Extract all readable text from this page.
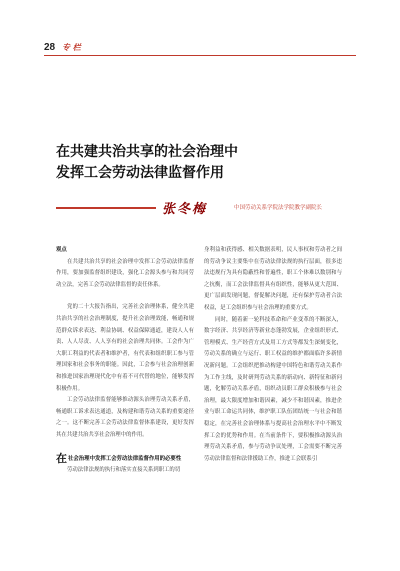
28 专 栏
在共建共治共享的社会治理中
发挥工会劳动法律监督作用
张冬梅	中国劳动关系学院法学院教学副院长

观点

在共建共治共享的社会治理中发挥工会劳动法律监督作用，要加强监督组织建设，强化工会源头参与和共同劳动立法，完善工会劳动法律监督的责任体系。

党的二十大报告指出，完善社会治理体系，健全共建共治共享的社会治理制度，提升社会治理效能，畅通和规范群众诉求表达、利益协调、权益保障通道，建设人人有责、人人尽责、人人享有的社会治理共同体。工会作为广大职工利益的代表者和维护者，有代表和组织职工参与管理国家和社会事务的职能。因此，工会参与社会治理创新和推进国家治理现代化中有着不可代替的地位，能够发挥积极作用。

工会劳动法律监督能够推动源头治理劳动关系矛盾，畅通职工诉求表达通道，及构建和谐劳动关系的重要途径之一。这不断完善工会劳动法律监督体系建设，更好发挥其在共建共治共享社会治理中的作用。

在社会治理中发挥工会劳动法律监督作用的必要性

劳动法律法规的执行和落实直接关系到职工的切

身利益和获得感、相关数据表明，民人事权和劳动者之间的劳动争议主要集中在劳动法律法规的执行层面，很多违法违规行为具有隐蔽性和普遍性，职工个体难以数别和与之抗衡，而工会法律监督具有组织性，能够从更大范围、更广层面发现问题，督促解决问题，还有保护劳动者合法权益，是工会组织参与社会治理的重要方式。

同时，随着新一轮科技革命和产业变革的不断深入，数字经济、共享经济等新业态蓬勃发展，企业组织形式、管理模式、生产经营方式及用工方式等都发生深刻变化，劳动关系的确立与运行、职工权益的维护都面临许多新情况新问题。工会组织把推动构建中国特色和谐劳动关系作为工作主线，及时研判劳动关系的新动向、新特征和新问题，化解劳动关系矛盾，组织动员职工群众积极参与社会治理，最大限度增加和谐因素，减少不和谐因素，推进企业与职工命运共同体，维护职工队伍团结统一与社会和谐稳定，在完善社会治理体系与提高社会治理水平中不断发挥工会的优势和作用。在当前条件下，要积极推动源头治理劳动关系矛盾，参与劳动争议处理，工会需要不断完善劳动法律监督和法律援助工作，推进工会联系引
